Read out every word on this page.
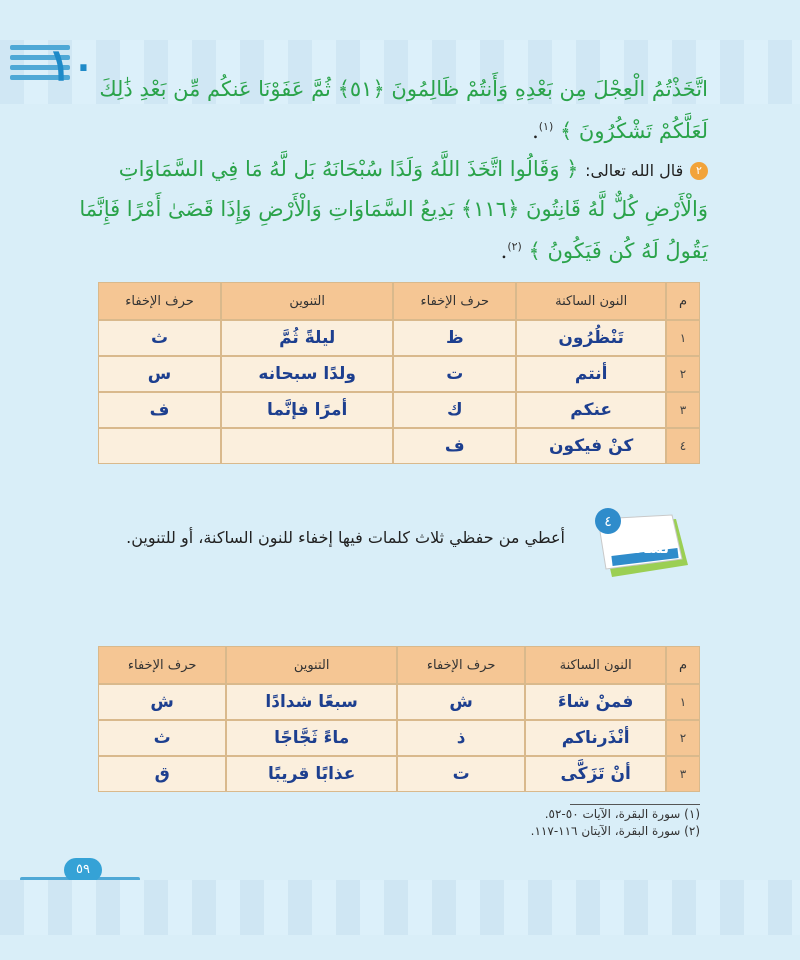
١٠ اتَّخَذْتُمُ الْعِجْلَ مِن بَعْدِهِ وَأَنتُمْ ظَالِمُونَ ﴿٥١﴾ ثُمَّ عَفَوْنَا عَنكُم مِّن بَعْدِ ذَٰلِكَ لَعَلَّكُمْ تَشْكُرُونَ ﴾ $^{(١)}$.
٢ قال الله تعالى: ﴿ وَقَالُوا اتَّخَذَ اللَّهُ وَلَدًا سُبْحَانَهُ بَل لَّهُ مَا فِي السَّمَاوَاتِ وَالْأَرْضِ كُلٌّ لَّهُ قَانِتُونَ ﴿١١٦﴾ بَدِيعُ السَّمَاوَاتِ وَالْأَرْضِ وَإِذَا قَضَىٰ أَمْرًا فَإِنَّمَا يَقُولُ لَهُ كُن فَيَكُونُ ﴾ $^{(٢)}$.
م	النون الساكنة	حرف الإخفاء	التنوين	حرف الإخفاء
١	تَنْظُرُون	ظ	ليلةً ثُمَّ	ث
٢	أنتم	ت	ولدًا سبحانه	س
٣	عنكم	ك	أمرًا فإنَّما	ف
٤	كنْ فيكون	ف		
٤
نشاط
أعطي من حفظي ثلاث كلمات فيها إخفاء للنون الساكنة، أو للتنوين.
م	النون الساكنة	حرف الإخفاء	التنوين	حرف الإخفاء
١	فمنْ شاءَ	ش	سبعًا شدادًا	ش
٢	أنْذَرناكم	ذ	ماءً ثَجَّاجًا	ث
٣	أنْ تَزَكَّى	ت	عذابًا قريبًا	ق
(١) سورة البقرة، الآيات ٥٠-٥٢.
(٢) سورة البقرة، الآيتان ١١٦-١١٧.
٥٩
